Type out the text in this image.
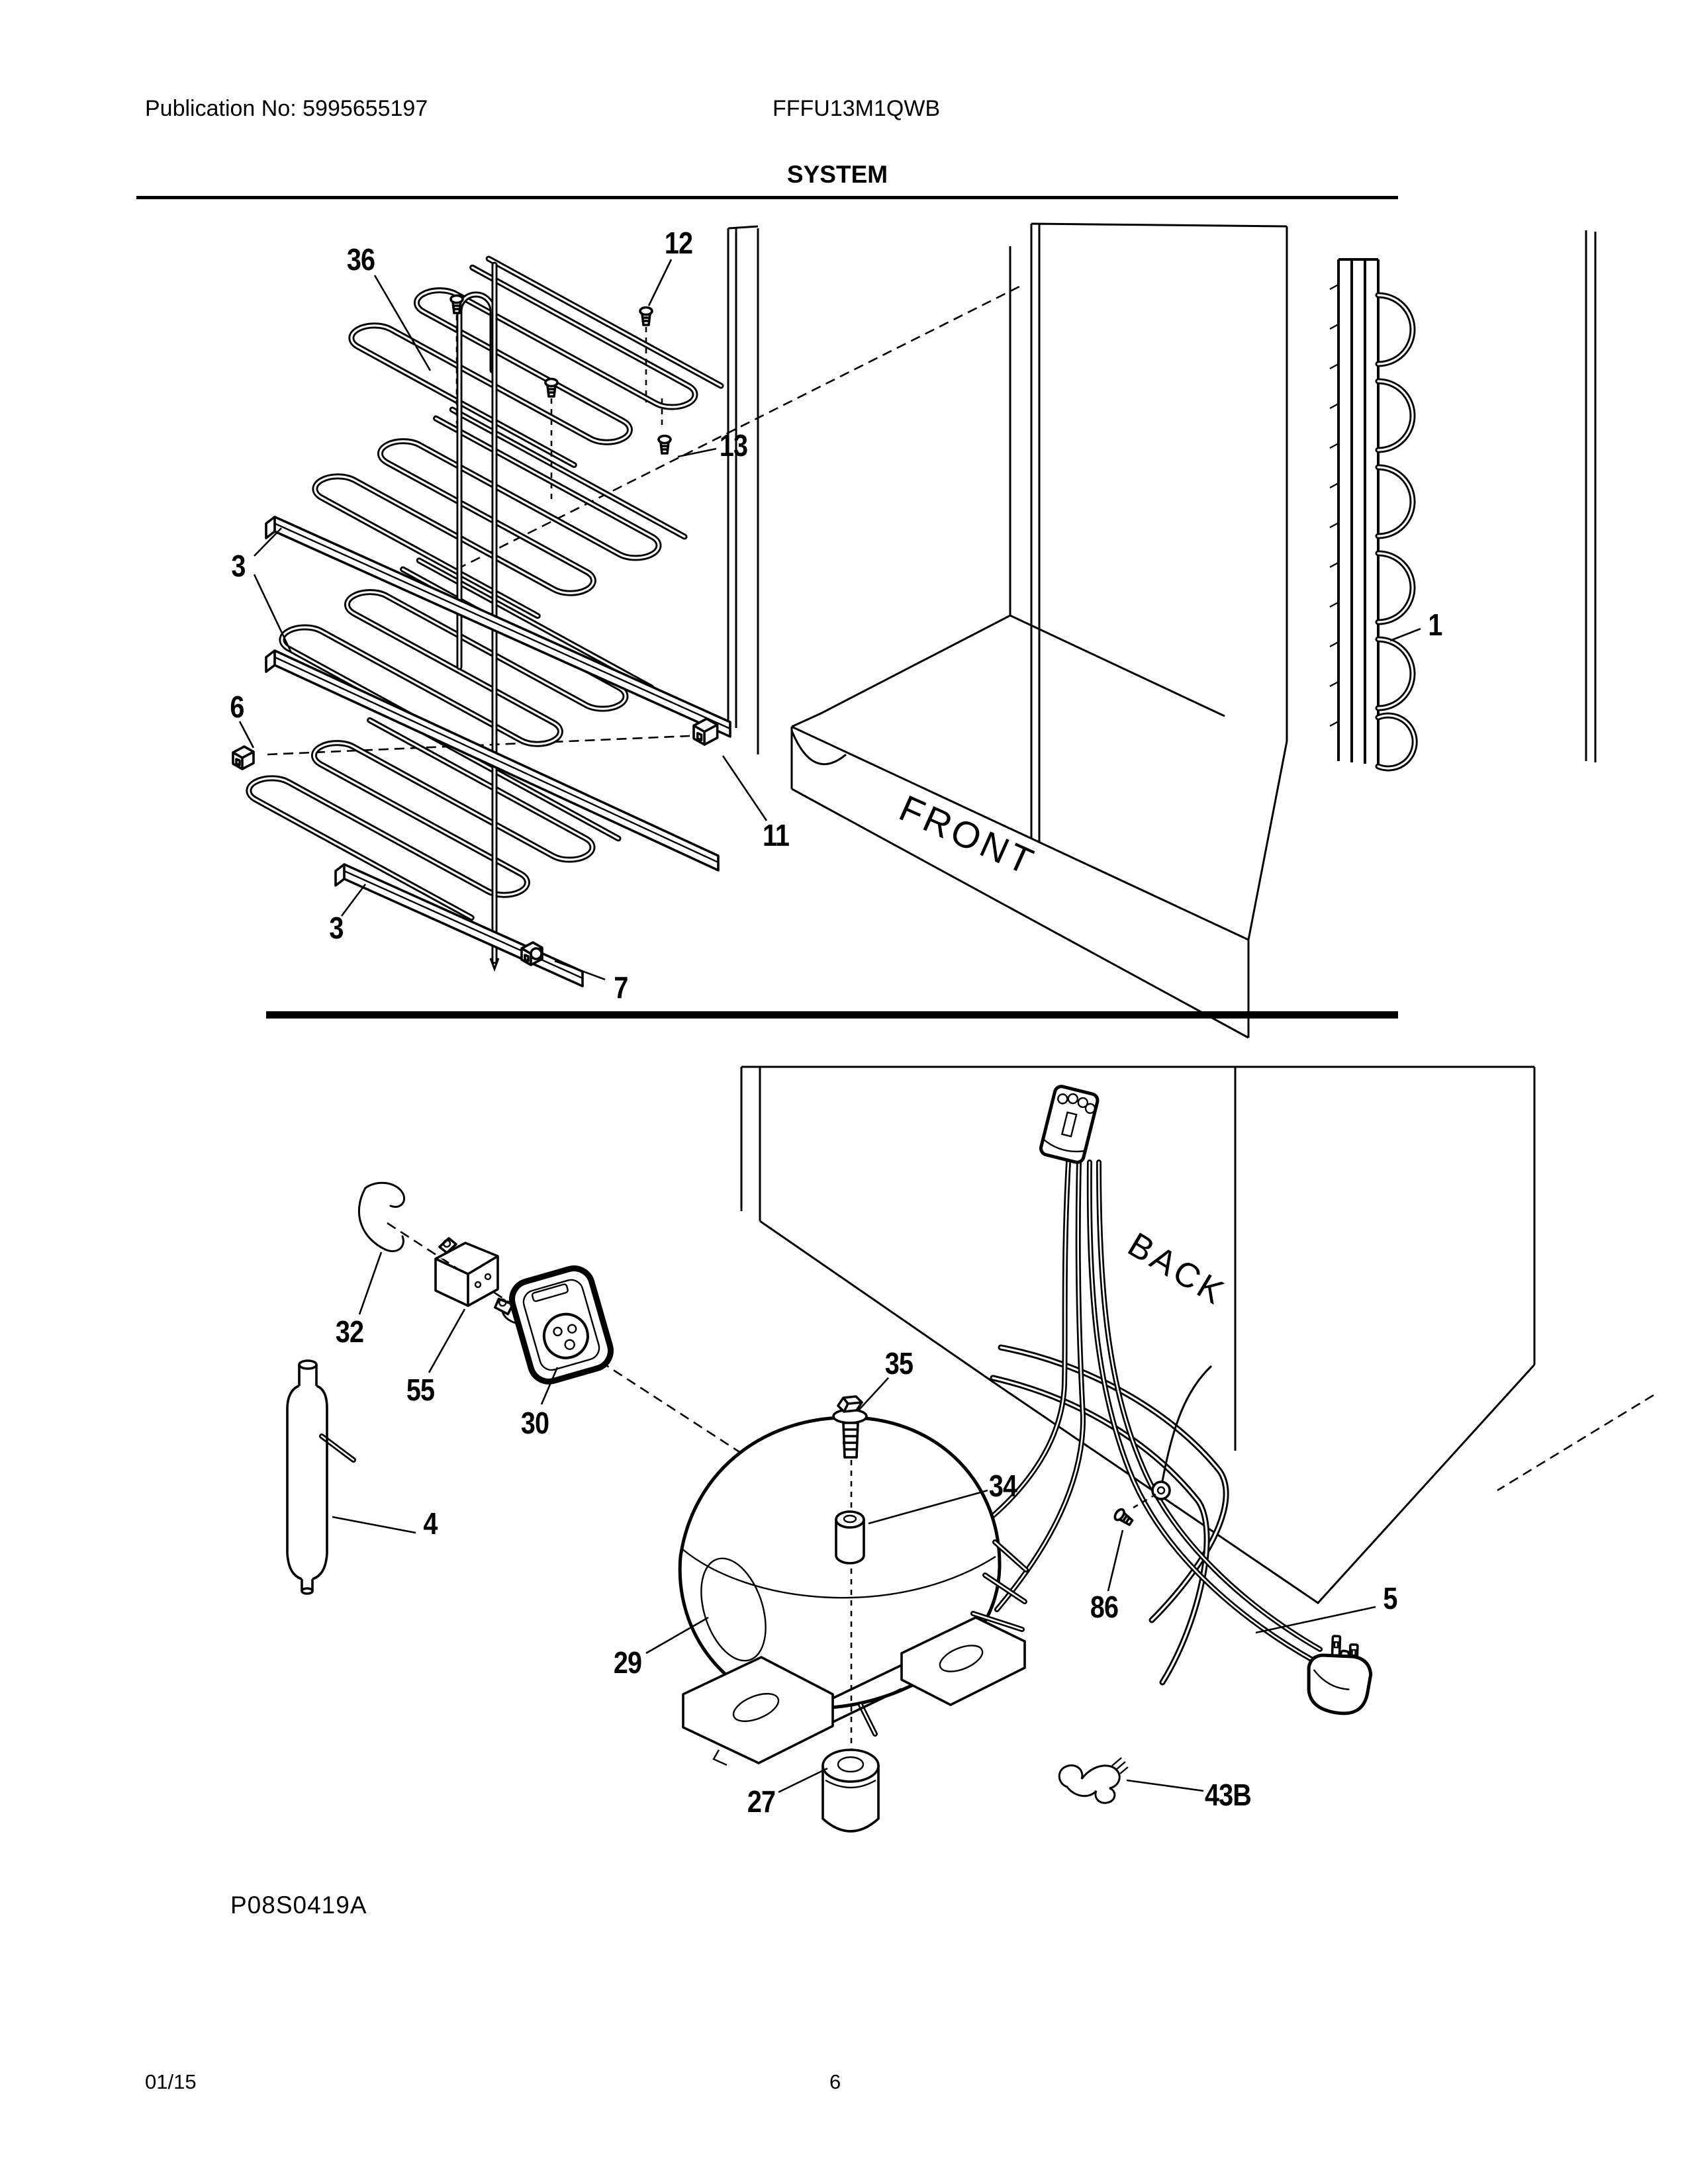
Publication No: 5995655197	FFFU13M1QWB
SYSTEM
FRONT
BACK
36	12
13
3
6
11
3
7
1
32
55
30
4
35
34
29
86	5
27	43B
P08S0419A
01/15	6
